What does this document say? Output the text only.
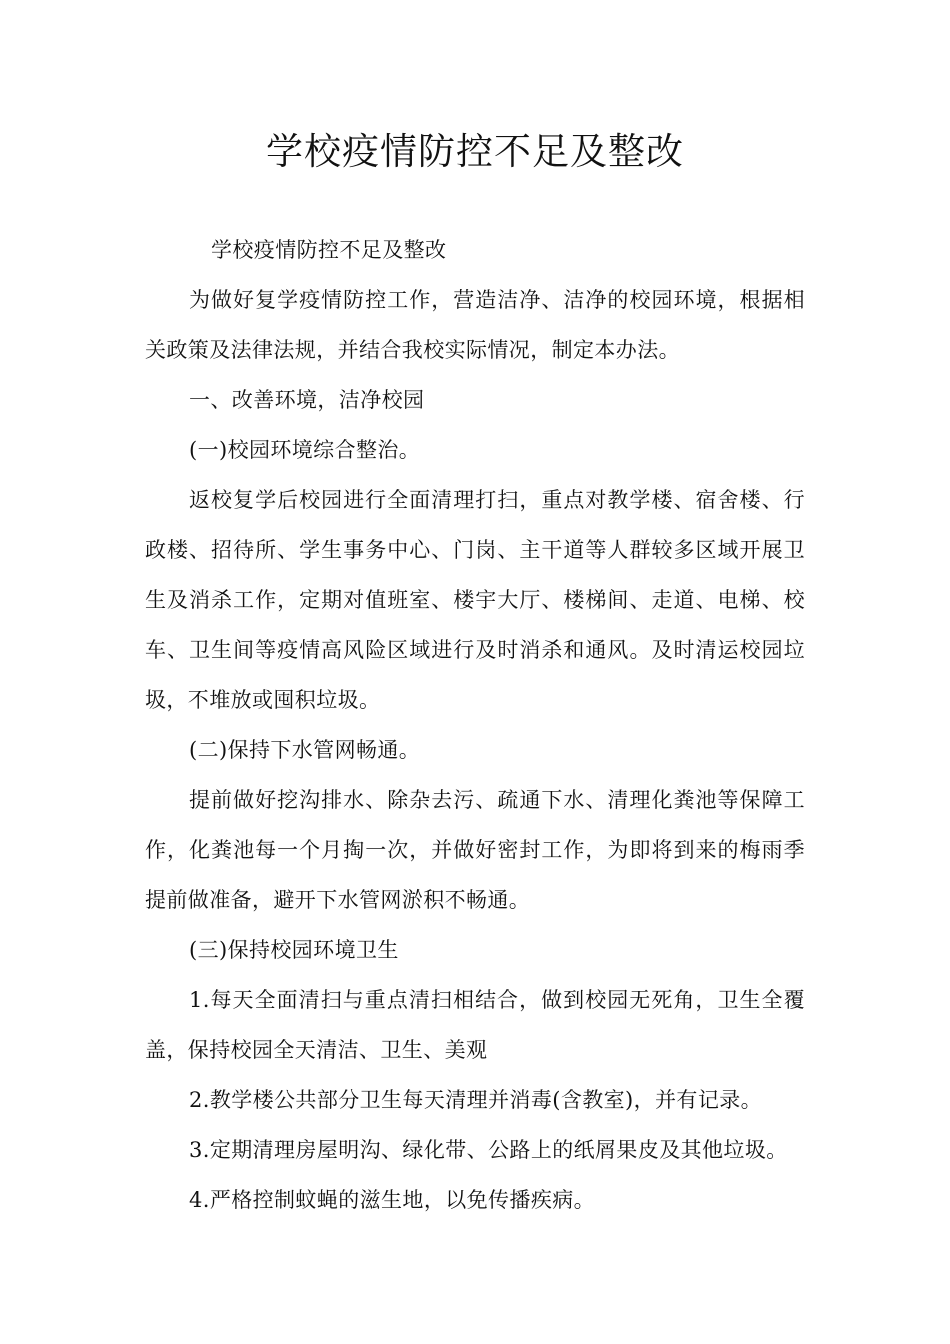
学校疫情防控不足及整改

学校疫情防控不足及整改

为做好复学疫情防控工作，营造洁净、洁净的校园环境，根据相关政策及法律法规，并结合我校实际情况，制定本办法。

一、改善环境，洁净校园

(一)校园环境综合整治。

返校复学后校园进行全面清理打扫，重点对教学楼、宿舍楼、行政楼、招待所、学生事务中心、门岗、主干道等人群较多区域开展卫生及消杀工作，定期对值班室、楼宇大厅、楼梯间、走道、电梯、校车、卫生间等疫情高风险区域进行及时消杀和通风。及时清运校园垃圾，不堆放或囤积垃圾。

(二)保持下水管网畅通。

提前做好挖沟排水、除杂去污、疏通下水、清理化粪池等保障工作，化粪池每一个月掏一次，并做好密封工作，为即将到来的梅雨季提前做准备，避开下水管网淤积不畅通。

(三)保持校园环境卫生

1.每天全面清扫与重点清扫相结合，做到校园无死角，卫生全覆盖，保持校园全天清洁、卫生、美观

2.教学楼公共部分卫生每天清理并消毒(含教室)，并有记录。

3.定期清理房屋明沟、绿化带、公路上的纸屑果皮及其他垃圾。

4.严格控制蚊蝇的滋生地，以免传播疾病。
